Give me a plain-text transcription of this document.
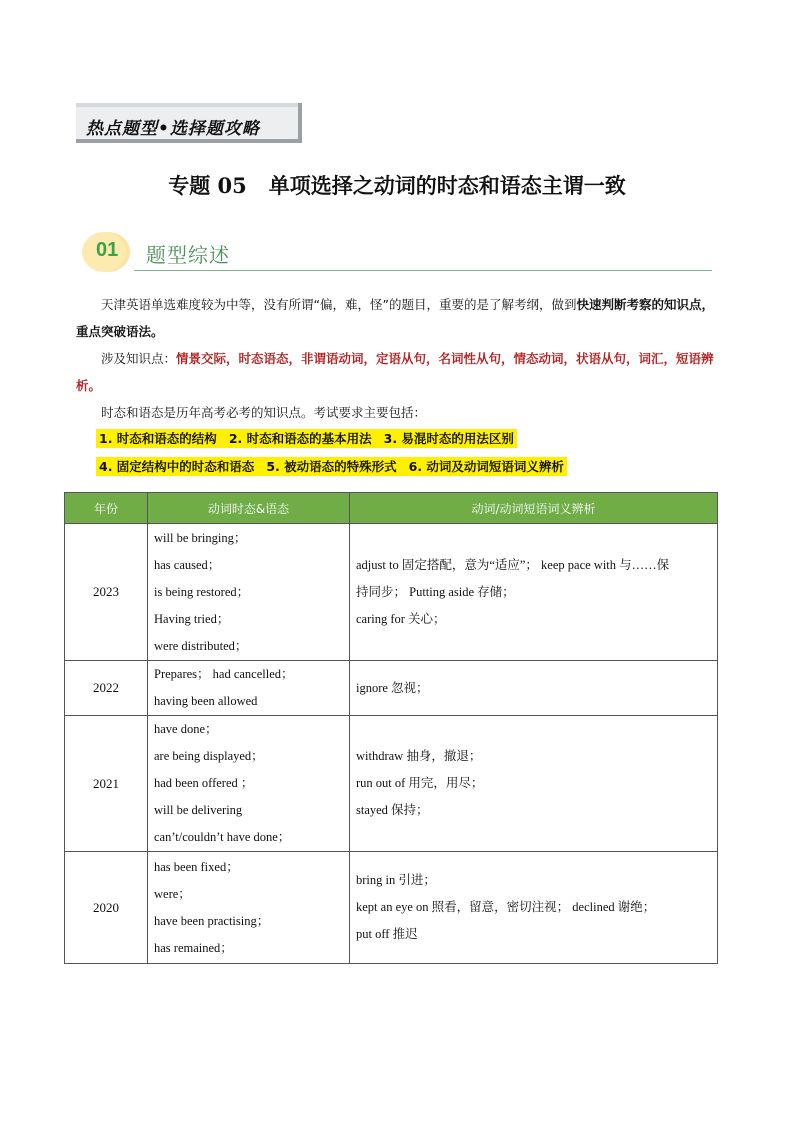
热点题型•选择题攻略
专题 05 单项选择之动词的时态和语态主谓一致
01 题型综述
天津英语单选难度较为中等，没有所谓“偏，难，怪”的题目，重要的是了解考纲，做到快速判断考察的知识点，重点突破语法。
涉及知识点：情景交际，时态语态，非谓语动词，定语从句，名词性从句，情态动词，状语从句，词汇，短语辨析。
时态和语态是历年高考必考的知识点。考试要求主要包括：
1. 时态和语态的结构 2. 时态和语态的基本用法 3. 易混时态的用法区别
4. 固定结构中的时态和语态 5. 被动语态的特殊形式 6. 动词及动词短语词义辨析
年份	动词时态&语态	动词/动词短语词义辨析
2023	will be bringing；
has caused；
is being restored；
Having tried；
were distributed；	adjust to 固定搭配，意为“适应”； keep pace with 与……保
持同步； Putting aside 存储；
caring for 关心；

2022	Prepares； had cancelled；
having been allowed	ignore 忽视；

2021	have done；
are being displayed；
had been offered ；
will be delivering
can’t/couldn’t have done；	withdraw 抽身，撤退；
run out of 用完，用尽；
stayed 保持；

2020	has been fixed；
were；
have been practising；
has remained；	bring in 引进；
kept an eye on 照看，留意，密切注视； declined 谢绝；
put off 推迟
